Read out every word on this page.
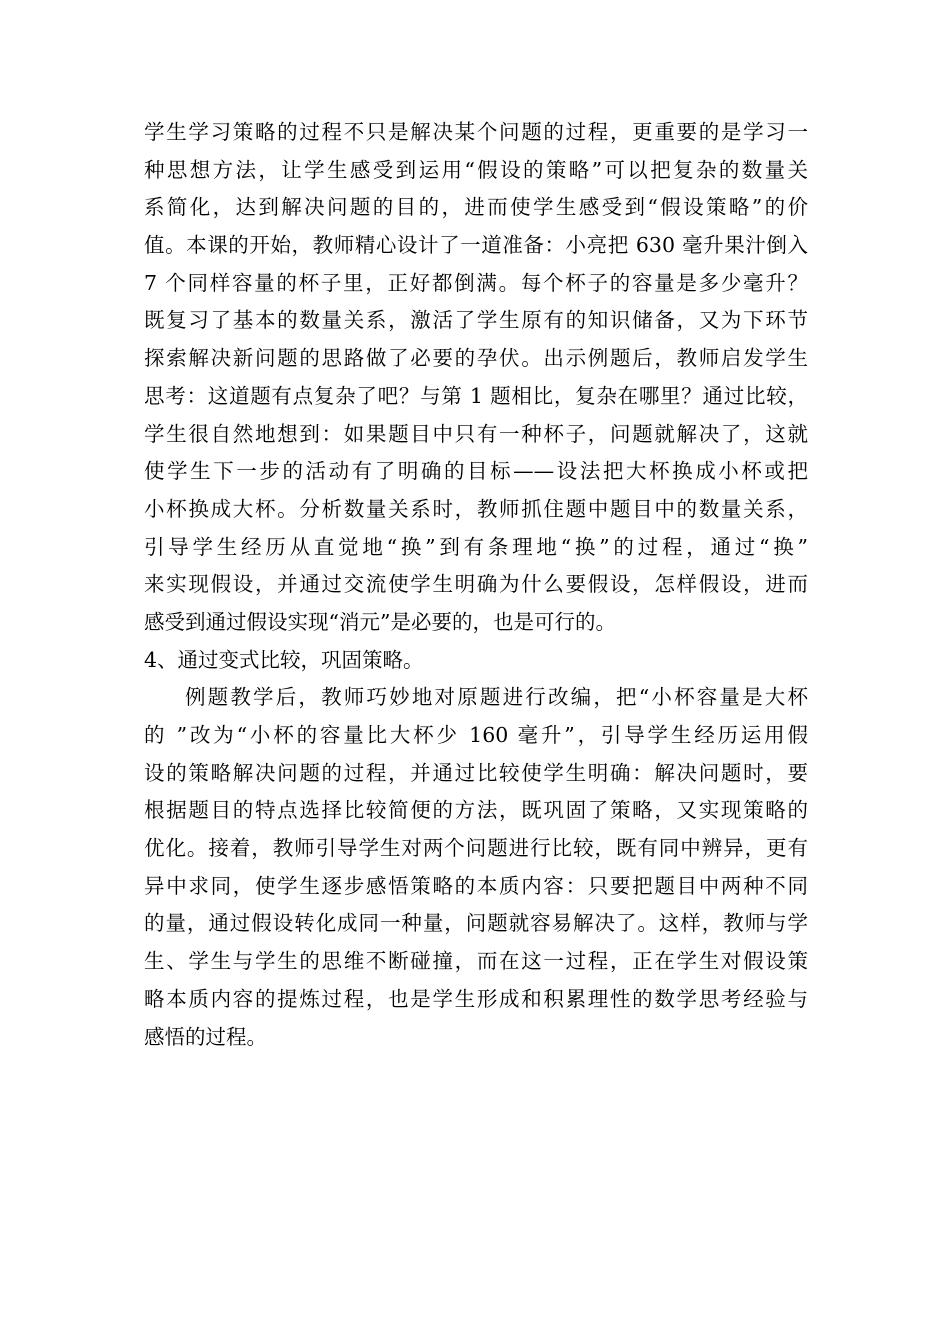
学生学习策略的过程不只是解决某个问题的过程，更重要的是学习一
种思想方法，让学生感受到运用“假设的策略”可以把复杂的数量关
系简化，达到解决问题的目的，进而使学生感受到“假设策略”的价
值。本课的开始，教师精心设计了一道准备：小亮把 630 毫升果汁倒入
7 个同样容量的杯子里，正好都倒满。每个杯子的容量是多少毫升？
既复习了基本的数量关系，激活了学生原有的知识储备，又为下环节
探索解决新问题的思路做了必要的孕伏。出示例题后，教师启发学生
思考：这道题有点复杂了吧？与第 1 题相比，复杂在哪里？通过比较，
学生很自然地想到：如果题目中只有一种杯子，问题就解决了，这就
使学生下一步的活动有了明确的目标——设法把大杯换成小杯或把
小杯换成大杯。分析数量关系时，教师抓住题中题目中的数量关系，
引导学生经历从直觉地“换”到有条理地“换”的过程，通过“换”
来实现假设，并通过交流使学生明确为什么要假设，怎样假设，进而
感受到通过假设实现“消元”是必要的，也是可行的。
4、通过变式比较，巩固策略。
例题教学后，教师巧妙地对原题进行改编，把“小杯容量是大杯
的 ”改为“小杯的容量比大杯少 160 毫升”，引导学生经历运用假
设的策略解决问题的过程，并通过比较使学生明确：解决问题时，要
根据题目的特点选择比较简便的方法，既巩固了策略，又实现策略的
优化。接着，教师引导学生对两个问题进行比较，既有同中辨异，更有
异中求同，使学生逐步感悟策略的本质内容：只要把题目中两种不同
的量，通过假设转化成同一种量，问题就容易解决了。这样，教师与学
生、学生与学生的思维不断碰撞，而在这一过程，正在学生对假设策
略本质内容的提炼过程，也是学生形成和积累理性的数学思考经验与
感悟的过程。
